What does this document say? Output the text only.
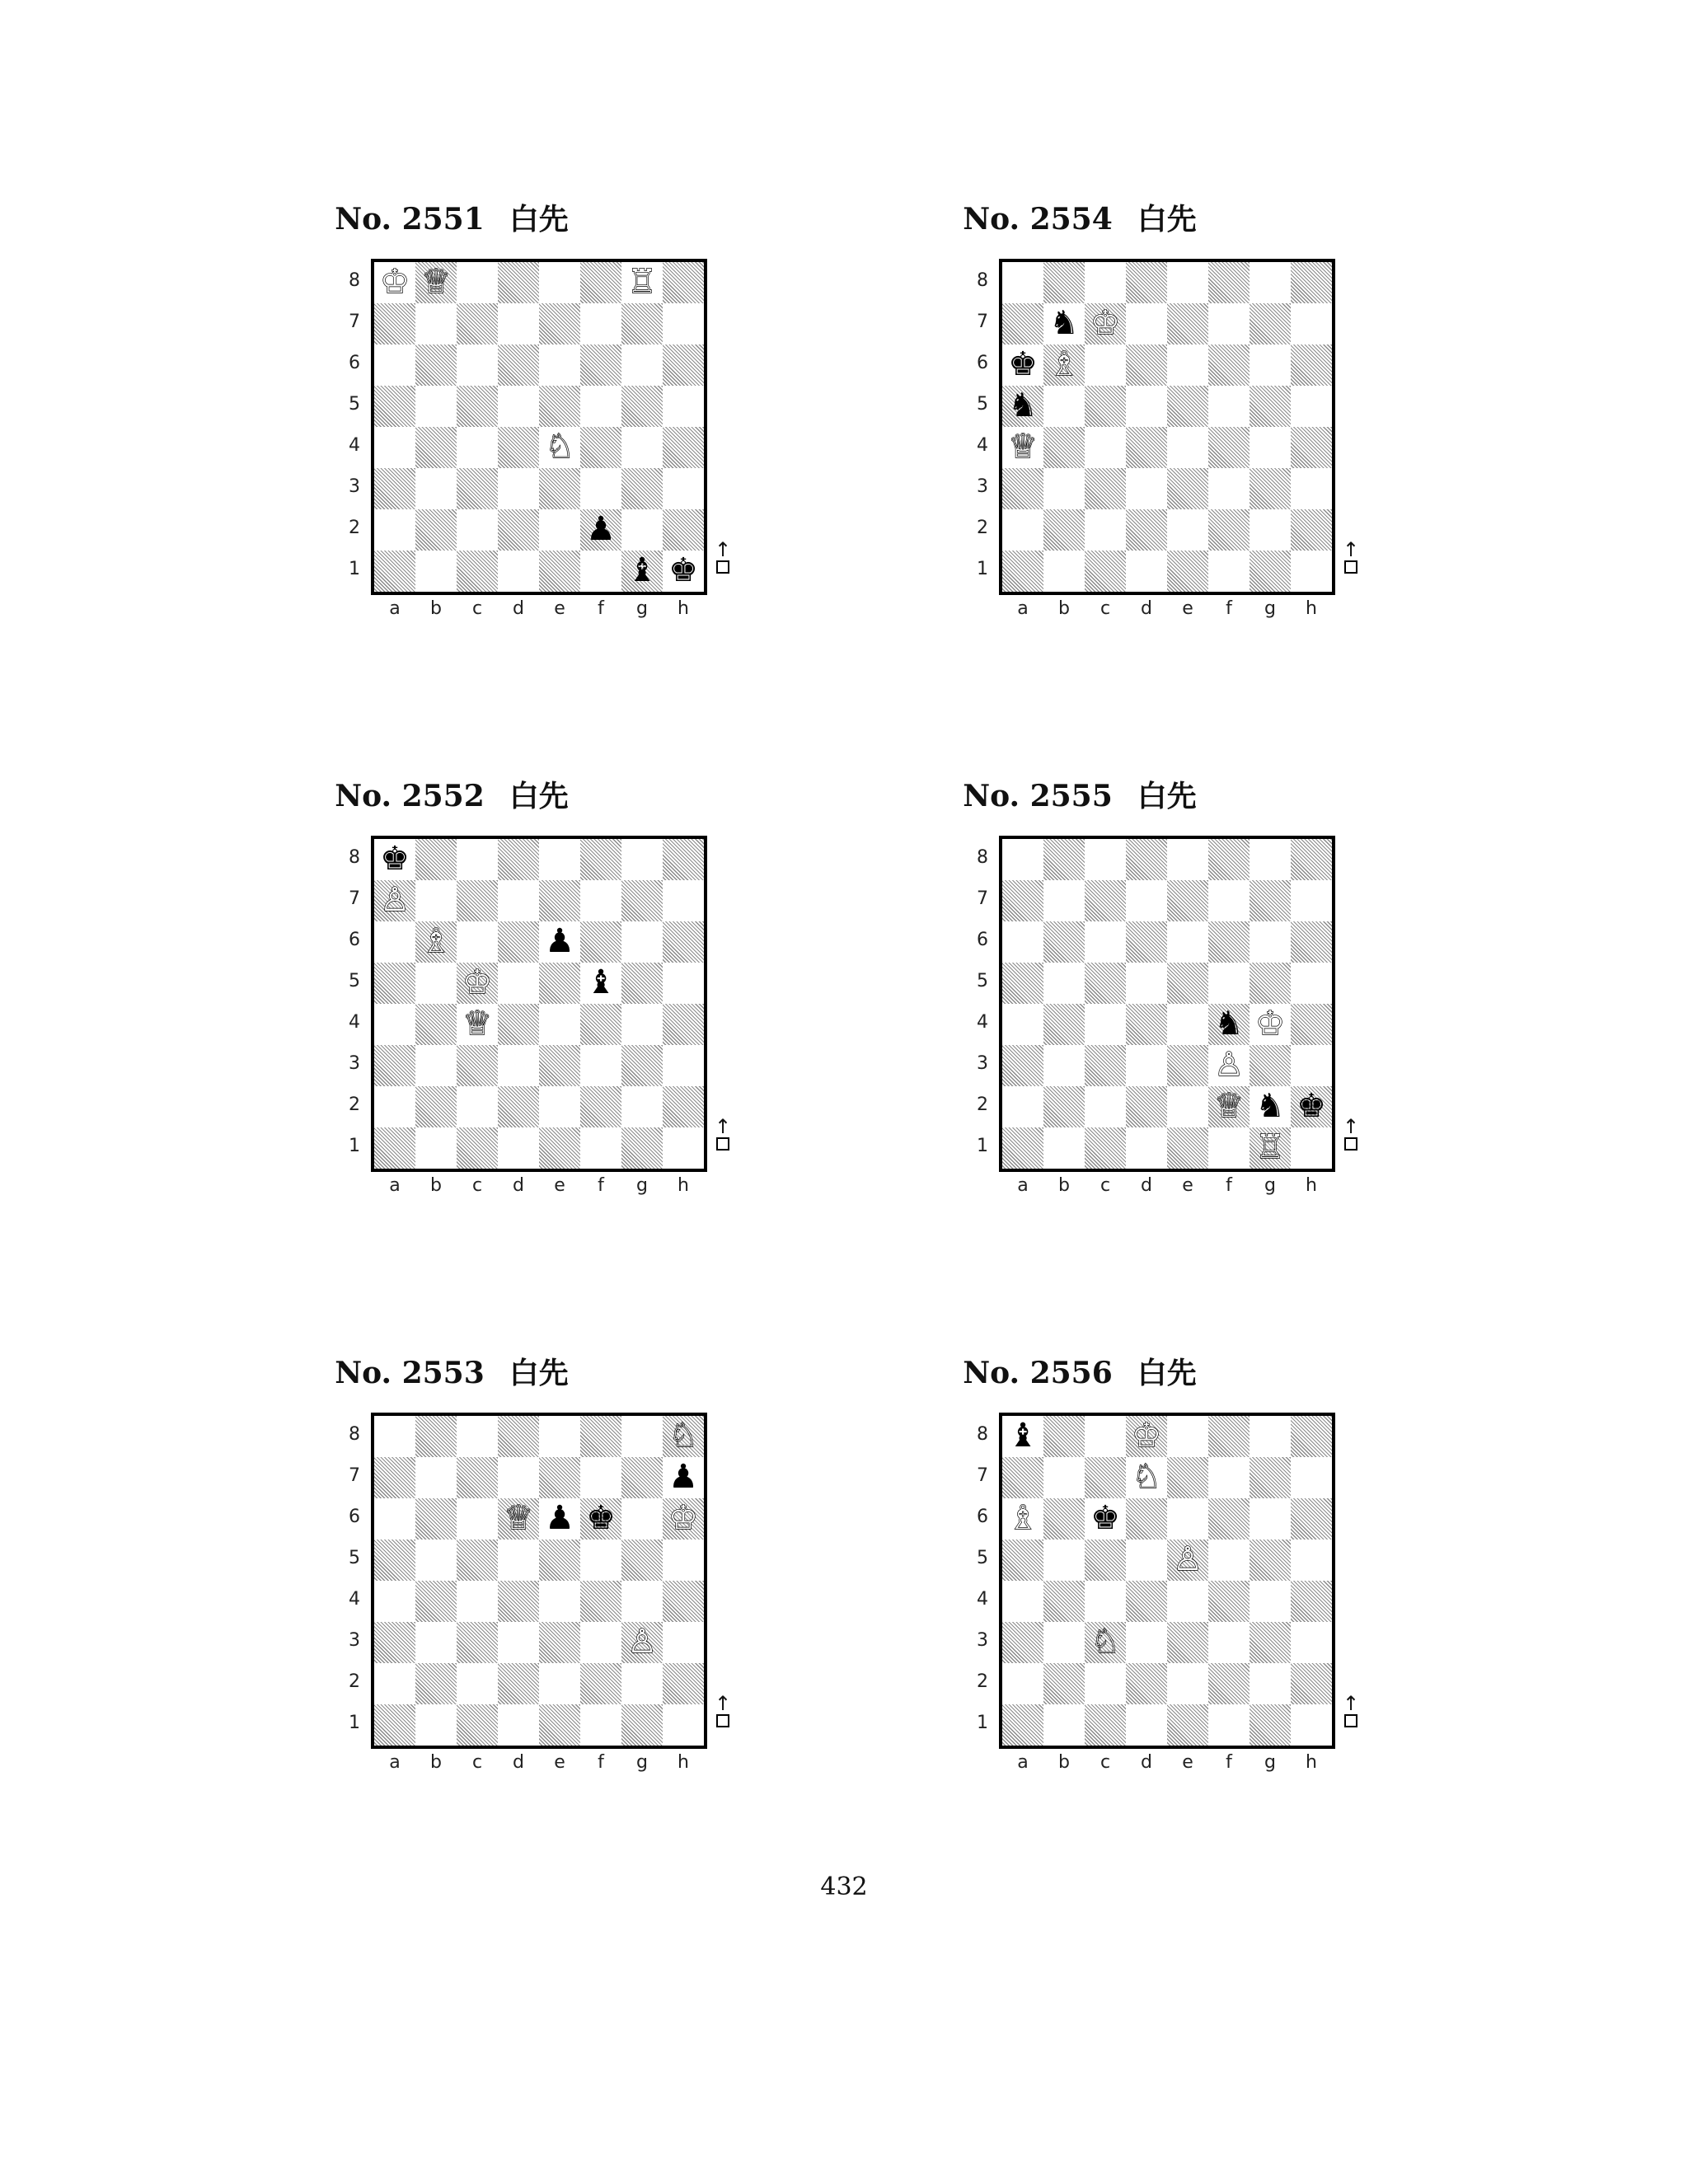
No. 2551 白先
♔ ♕	♖
♘
♟
♝ ♚
8
7
6
5
4
3
2
1
a	b	c	d	e	f	g	h
↑
No. 2554 白先
♞ ♔
♚ ♗
♞
♕
8
7
6
5
4
3
2
1
a	b	c	d	e	f	g	h
↑
No. 2552 白先
♚
♙
♗	♟
♔	♝
♕
8
7
6
5
4
3
2
1
a	b	c	d	e	f	g	h
↑
No. 2555 白先
♞ ♔
♙
♕ ♞ ♚
♖
8
7
6
5
4
3
2
1
a	b	c	d	e	f	g	h
↑
No. 2553 白先
♘
♟
♕ ♟ ♚ ♔
♙
8
7
6
5
4
3
2
1
a	b	c	d	e	f	g	h
↑
No. 2556 白先
♝	♔
♘
♗ ♚
♙
♘
8
7
6
5
4
3
2
1
a	b	c	d	e	f	g	h
↑
432
